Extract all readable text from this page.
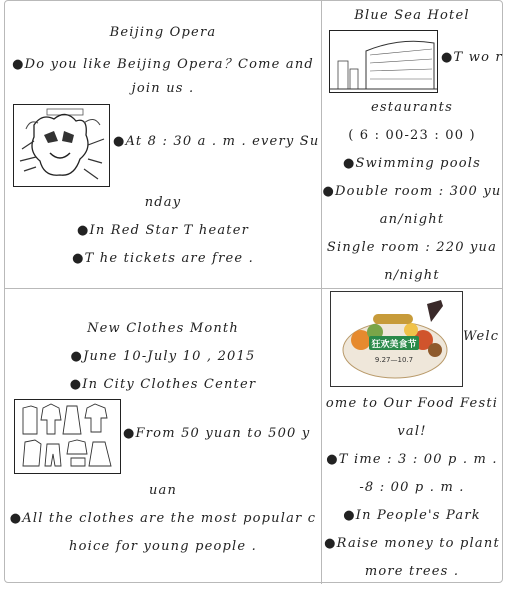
Beijing Opera

●Do you like Beijing Opera？Come and

join us .

●At 8 : 30 a . m . every Su

nday

●In Red Star T heater

●T he tickets are free .

Blue Sea Hotel

●T wo r

estaurants

( 6 : 00-23 : 00 )

●Swimming pools

●Double room : 300 yu

an/night

Single room : 220 yua

n/night

New Clothes Month

●June 10-July 10 , 2015

●In City Clothes Center

●From 50 yuan to 500 y

uan

●All the clothes are the most popular c

hoice for young people .

狂欢美食节
9.27—10.7

Welc

ome to Our Food Festi

val!

●T ime : 3 : 00 p . m .

-8 : 00 p . m .

●In People's Park

●Raise money to plant

more trees .
